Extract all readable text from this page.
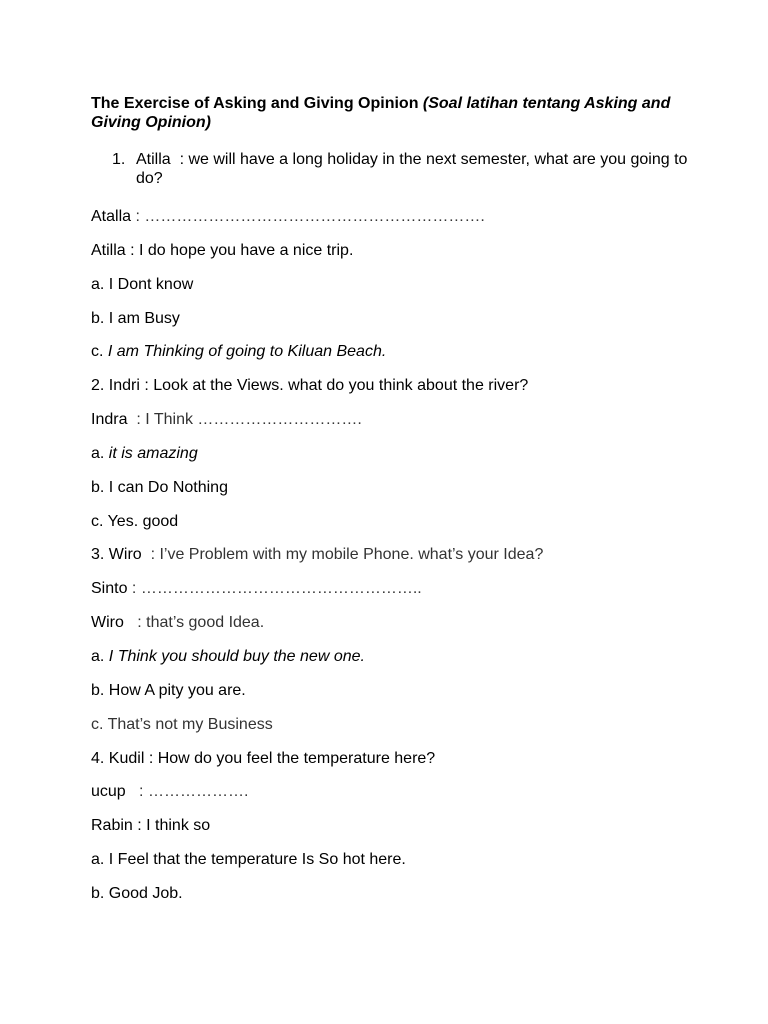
The Exercise of Asking and Giving Opinion (Soal latihan tentang Asking and Giving Opinion)
1. Atilla : we will have a long holiday in the next semester, what are you going to do?
Atalla : ……………………………………………………….
Atilla : I do hope you have a nice trip.
a. I Dont know
b. I am Busy
c. I am Thinking of going to Kiluan Beach.
2. Indri : Look at the Views. what do you think about the river?
Indra : I Think ………………………….
a. it is amazing
b. I can Do Nothing
c. Yes. good
3. Wiro : I’ve Problem with my mobile Phone. what’s your Idea?
Sinto : ……………………………………………..
Wiro : that’s good Idea.
a. I Think you should buy the new one.
b. How A pity you are.
c. That’s not my Business
4. Kudil : How do you feel the temperature here?
ucup : ……………….
Rabin : I think so
a. I Feel that the temperature Is So hot here.
b. Good Job.
